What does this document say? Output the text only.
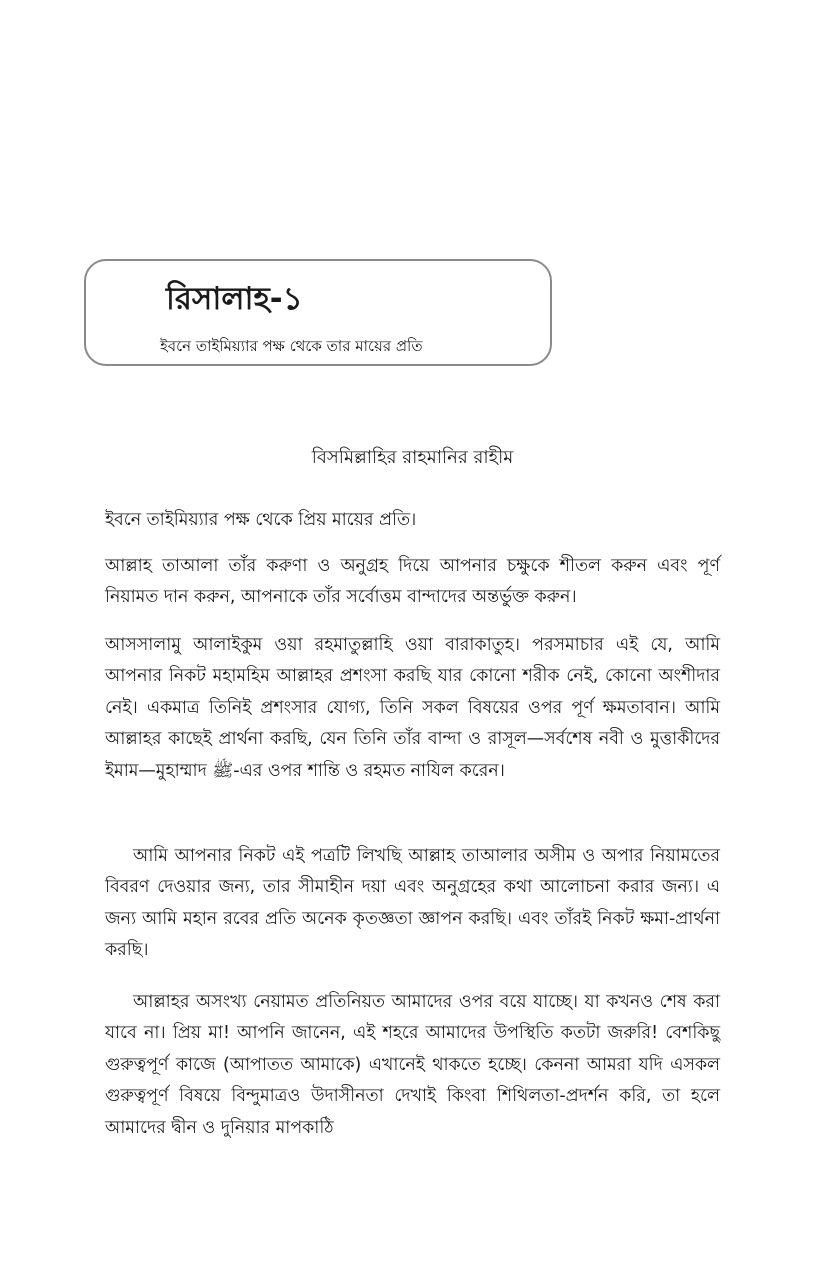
রিসালাহ-১
ইবনে তাইমিয়্যার পক্ষ থেকে তার মায়ের প্রতি
বিসমিল্লাহির রাহমানির রাহীম

ইবনে তাইমিয়্যার পক্ষ থেকে প্রিয় মায়ের প্রতি।

আল্লাহ তাআলা তাঁর করুণা ও অনুগ্রহ দিয়ে আপনার চক্ষুকে শীতল করুন এবং পূর্ণ নিয়ামত দান করুন, আপনাকে তাঁর সর্বোত্তম বান্দাদের অন্তর্ভুক্ত করুন।

আসসালামু আলাইকুম ওয়া রহমাতুল্লাহি ওয়া বারাকাতুহ। পরসমাচার এই যে, আমি আপনার নিকট মহামহিম আল্লাহর প্রশংসা করছি যার কোনো শরীক নেই, কোনো অংশীদার নেই। একমাত্র তিনিই প্রশংসার যোগ্য, তিনি সকল বিষয়ের ওপর পূর্ণ ক্ষমতাবান। আমি আল্লাহর কাছেই প্রার্থনা করছি, যেন তিনি তাঁর বান্দা ও রাসূল—সর্বশেষ নবী ও মুত্তাকীদের ইমাম—মুহাম্মাদ ﷺ-এর ওপর শান্তি ও রহমত নাযিল করেন।

আমি আপনার নিকট এই পত্রটি লিখছি আল্লাহ তাআলার অসীম ও অপার নিয়ামতের বিবরণ দেওয়ার জন্য, তার সীমাহীন দয়া এবং অনুগ্রহের কথা আলোচনা করার জন্য। এ জন্য আমি মহান রবের প্রতি অনেক কৃতজ্ঞতা জ্ঞাপন করছি। এবং তাঁরই নিকট ক্ষমা-প্রার্থনা করছি।

আল্লাহর অসংখ্য নেয়ামত প্রতিনিয়ত আমাদের ওপর বয়ে যাচ্ছে। যা কখনও শেষ করা যাবে না। প্রিয় মা! আপনি জানেন, এই শহরে আমাদের উপস্থিতি কতটা জরুরি! বেশকিছু গুরুত্বপূর্ণ কাজে (আপাতত আমাকে) এখানেই থাকতে হচ্ছে। কেননা আমরা যদি এসকল গুরুত্বপূর্ণ বিষয়ে বিন্দুমাত্রও উদাসীনতা দেখাই কিংবা শিথিলতা-প্রদর্শন করি, তা হলে আমাদের দ্বীন ও দুনিয়ার মাপকাঠি
